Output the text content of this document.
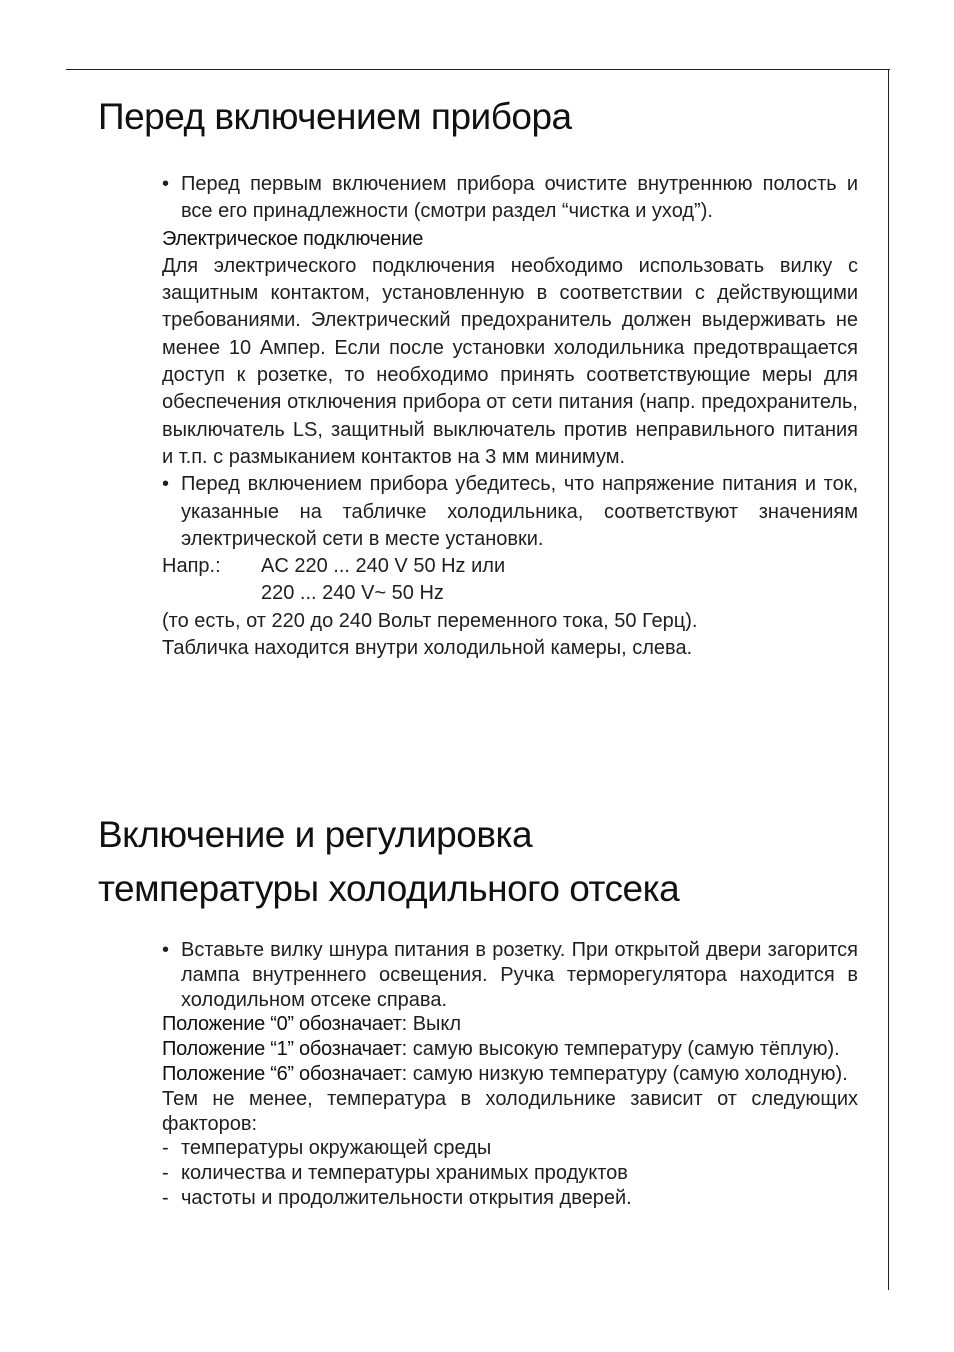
Перед включением прибора
• Перед первым включением прибора очистите внутреннюю полость и все его принадлежности (смотри раздел “чистка и уход”).
Электрическое подключение
Для электрического подключения необходимо использовать вилку с защитным контактом, установленную в соответствии с действующими требованиями. Электрический предохранитель должен выдерживать не менее 10 Ампер. Если после установки холодильника предотвращается доступ к розетке, то необходимо принять соответствующие меры для обеспечения отключения прибора от сети питания (напр. предохранитель, выключатель LS, защитный выключатель против неправильного питания и т.п. с размыканием контактов на 3 мм минимум.
• Перед включением прибора убедитесь, что напряжение питания и ток, указанные на табличке холодильника, соответствуют значениям электрической сети в месте установки.
Напр.:	AC 220 ... 240 V 50 Hz или
220 ... 240 V~ 50 Hz
(то есть, от 220 до 240 Вольт переменного тока, 50 Герц).
Табличка находится внутри холодильной камеры, слева.
Включение и регулировка
температуры холодильного отсека
• Вставьте вилку шнура питания в розетку. При открытой двери загорится лампа внутреннего освещения. Ручка терморегулятора находится в холодильном отсеке справа.
Положение “0” обозначает: Выкл
Положение “1” обозначает: самую высокую температуру (самую тёплую).
Положение “6” обозначает: самую низкую температуру (самую холодную).
Тем не менее, температура в холодильнике зависит от следующих факторов:
- температуры окружающей среды
- количества и температуры хранимых продуктов
- частоты и продолжительности открытия дверей.
